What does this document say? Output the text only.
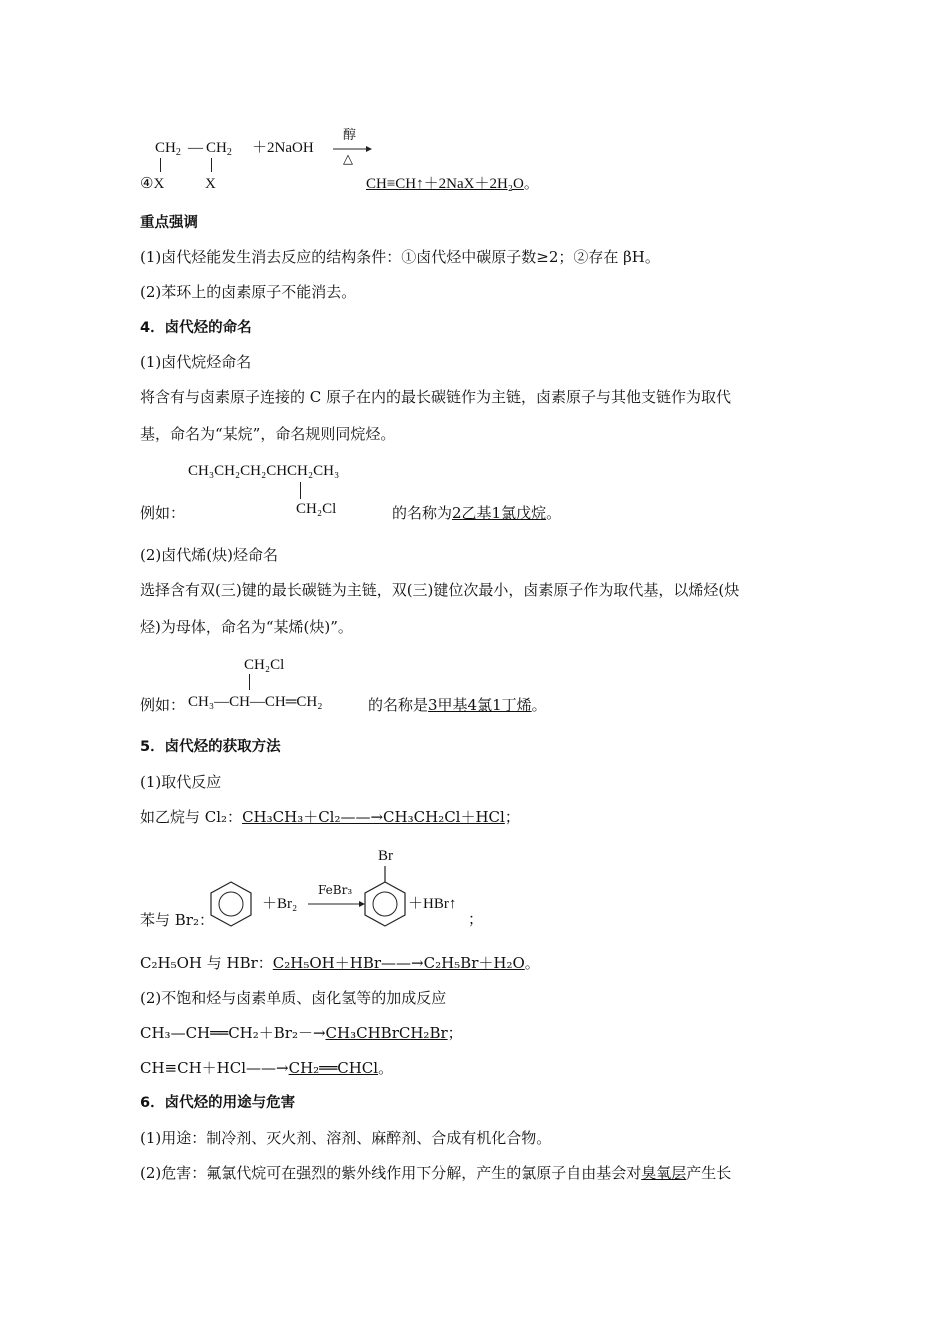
$CH_2$ — $CH_2$ ＋2NaOH
醇
△
④X	X	CH≡CH↑＋2NaX＋2H₂O。
重点强调
(1)卤代烃能发生消去反应的结构条件：①卤代烃中碳原子数≥2；②存在 βH。
(2)苯环上的卤素原子不能消去。
4．卤代烃的命名
(1)卤代烷烃命名
将含有与卤素原子连接的 C 原子在内的最长碳链作为主链，卤素原子与其他支链作为取代
基，命名为“某烷”，命名规则同烷烃。
CH₃CH₂CH₂CHCH₂CH₃
例如：	CH₂Cl	的名称为2乙基1氯戊烷。
(2)卤代烯(炔)烃命名
选择含有双(三)键的最长碳链为主链，双(三)键位次最小，卤素原子作为取代基，以烯烃(炔
烃)为母体，命名为“某烯(炔)”。
CH₂Cl
例如： CH₃—CH—CH═CH₂	的名称是3甲基4氯1丁烯。
5．卤代烃的获取方法
(1)取代反应
如乙烷与 Cl₂：CH₃CH₃＋Cl₂——→CH₃CH₂Cl＋HCl；
Br
苯与 Br₂：
＋Br₂
FeBr₃
＋HBr↑
；
C₂H₅OH 与 HBr：C₂H₅OH＋HBr——→C₂H₅Br＋H₂O。
(2)不饱和烃与卤素单质、卤化氢等的加成反应
CH₃—CH══CH₂＋Br₂－→CH₃CHBrCH₂Br；
CH≡CH＋HCl——→CH₂══CHCl。
6．卤代烃的用途与危害
(1)用途：制冷剂、灭火剂、溶剂、麻醉剂、合成有机化合物。
(2)危害：氟氯代烷可在强烈的紫外线作用下分解，产生的氯原子自由基会对臭氧层产生长
